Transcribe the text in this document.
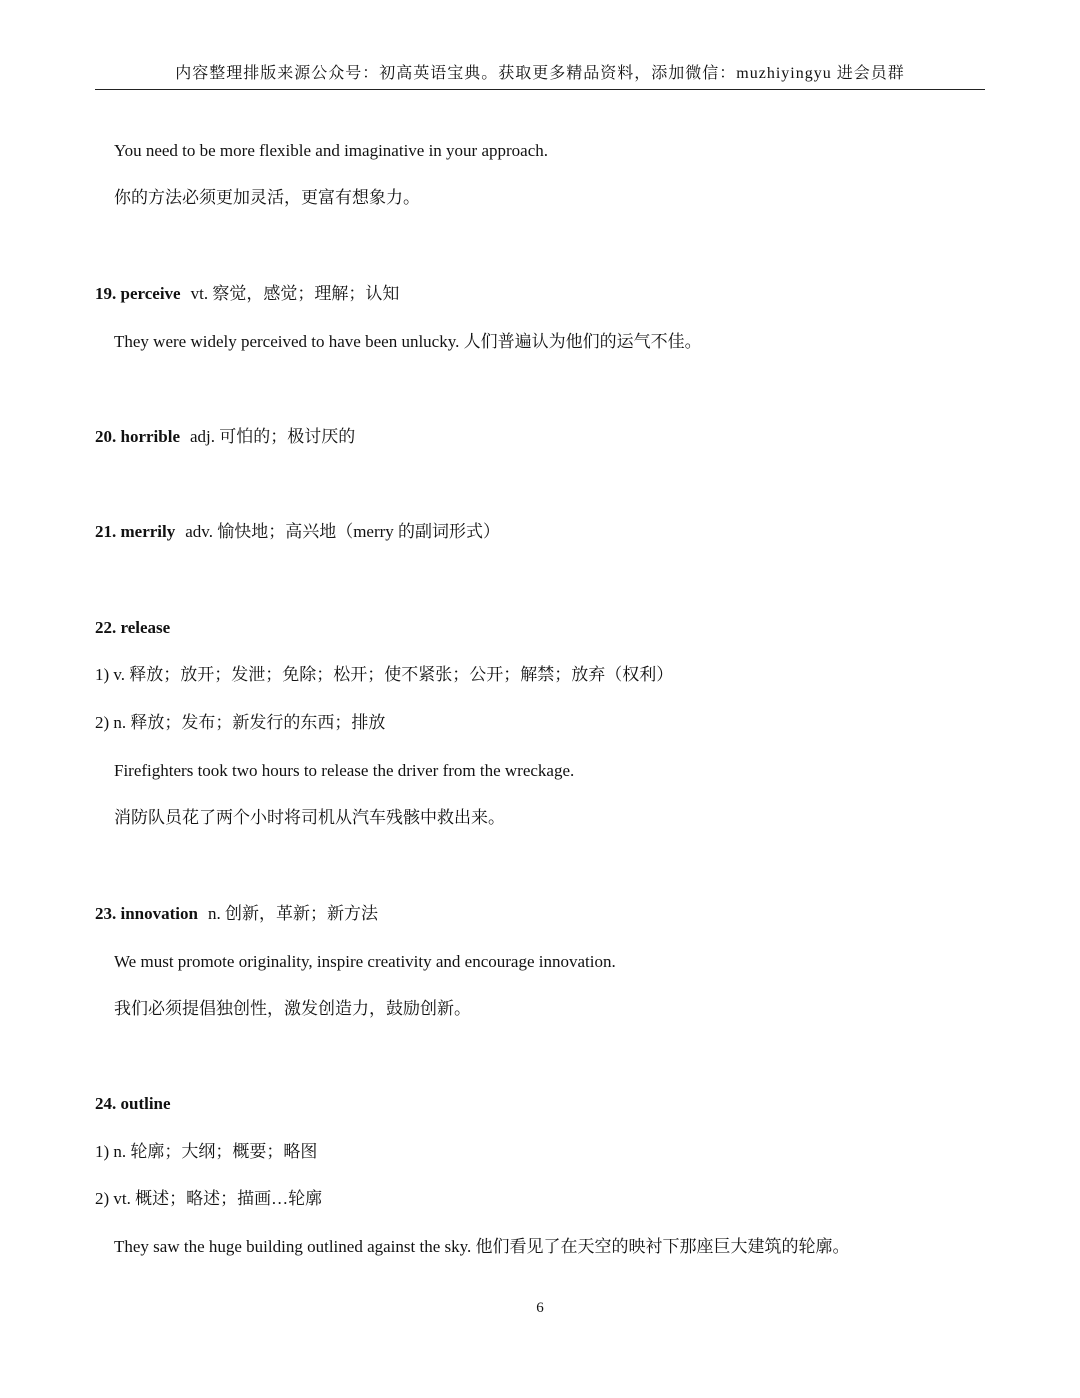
内容整理排版来源公众号：初高英语宝典。获取更多精品资料，添加微信：muzhiyingyu 进会员群
You need to be more flexible and imaginative in your approach.
你的方法必须更加灵活，更富有想象力。
19. perceive vt. 察觉，感觉；理解；认知
They were widely perceived to have been unlucky. 人们普遍认为他们的运气不佳。
20. horrible adj. 可怕的；极讨厌的
21. merrily adv. 愉快地；高兴地（merry 的副词形式）
22. release
1) v. 释放；放开；发泄；免除；松开；使不紧张；公开；解禁；放弃（权利）
2) n. 释放；发布；新发行的东西；排放
Firefighters took two hours to release the driver from the wreckage.
消防队员花了两个小时将司机从汽车残骸中救出来。
23. innovation n. 创新，革新；新方法
We must promote originality, inspire creativity and encourage innovation.
我们必须提倡独创性，激发创造力，鼓励创新。
24. outline
1) n. 轮廓；大纲；概要；略图
2) vt. 概述；略述；描画…轮廓
They saw the huge building outlined against the sky. 他们看见了在天空的映衬下那座巨大建筑的轮廓。
6
